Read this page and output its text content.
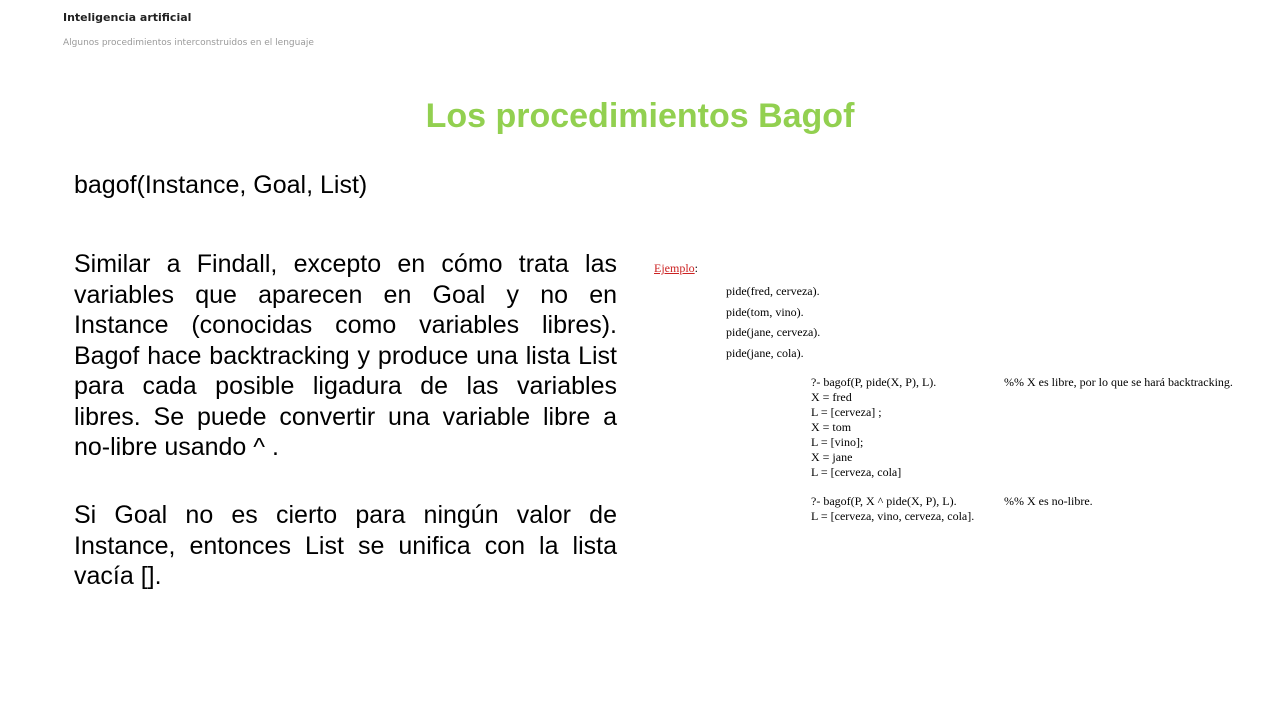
Inteligencia artificial
Algunos procedimientos interconstruidos en el lenguaje
Los procedimientos Bagof
bagof(Instance, Goal, List)

Similar a Findall, excepto en cómo trata las variables que aparecen en Goal y no en Instance (conocidas como variables libres). Bagof hace backtracking y produce una lista List para cada posible ligadura de las variables libres. Se puede convertir una variable libre a no-libre usando ^ .

Si Goal no es cierto para ningún valor de Instance, entonces List se unifica con la lista vacía [].

Ejemplo:
pide(fred, cerveza).
pide(tom, vino).
pide(jane, cerveza).
pide(jane, cola).
?- bagof(P, pide(X, P), L).
X = fred
L = [cerveza] ;
X = tom
L = [vino];
X = jane
L = [cerveza, cola]
%% X es libre, por lo que se hará backtracking.
?- bagof(P, X ^ pide(X, P), L).
L = [cerveza, vino, cerveza, cola].
%% X es no-libre.
